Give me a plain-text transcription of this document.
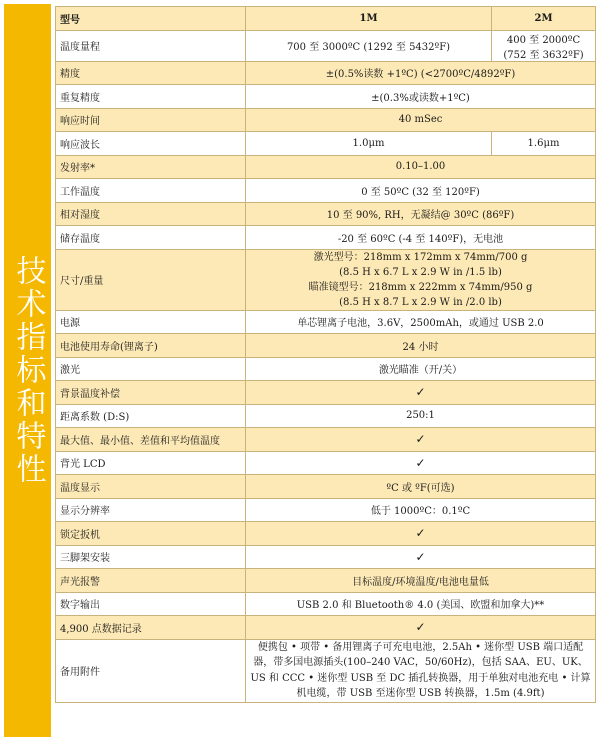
技术指标和特性
型号	1M	2M
温度量程	700 至 3000ºC (1292 至 5432ºF)	400 至 2000ºC (752 至 3632ºF)
精度	±(0.5%读数 +1ºC) (<2700ºC/4892ºF)	
重复精度	±(0.3%或读数+1ºC)	
响应时间	40 mSec	
响应波长	1.0μm	1.6μm
发射率*	0.10–1.00	
工作温度	0 至 50ºC (32 至 120ºF)	
相对湿度	10 至 90%, RH，无凝结@ 30ºC (86ºF)	
储存温度	-20 至 60ºC (-4 至 140ºF)，无电池	
尺寸/重量	激光型号：218mm x 172mm x 74mm/700 g
(8.5 H x 6.7 L x 2.9 W in /1.5 lb)
瞄准镜型号：218mm x 222mm x 74mm/950 g
(8.5 H x 8.7 L x 2.9 W in /2.0 lb)	

电源	单芯锂离子电池，3.6V，2500mAh，或通过 USB 2.0	
电池使用寿命(锂离子)	24 小时	
激光	激光瞄准（开/关）	
背景温度补偿	✓	
距离系数 (D:S)	250:1	
最大值、最小值、差值和平均值温度	✓	
背光 LCD	✓	
温度显示	ºC 或 ºF(可选)	
显示分辨率	低于 1000ºC：0.1ºC	
锁定扳机	✓	
三脚架安装	✓	
声光报警	目标温度/环境温度/电池电量低	
数字输出	USB 2.0 和 Bluetooth® 4.0 (美国、欧盟和加拿大)**	
4,900 点数据记录	✓	
备用附件	便携包 • 项带 • 备用锂离子可充电电池，2.5Ah • 迷你型 USB 端口适配器，带多国电源插头(100–240 VAC，50/60Hz)，包括 SAA、EU、UK、US 和 CCC • 迷你型 USB 至 DC 插孔转换器，用于单独对电池充电 • 计算机电缆，带 USB 至迷你型 USB 转换器，1.5m (4.9ft)	
